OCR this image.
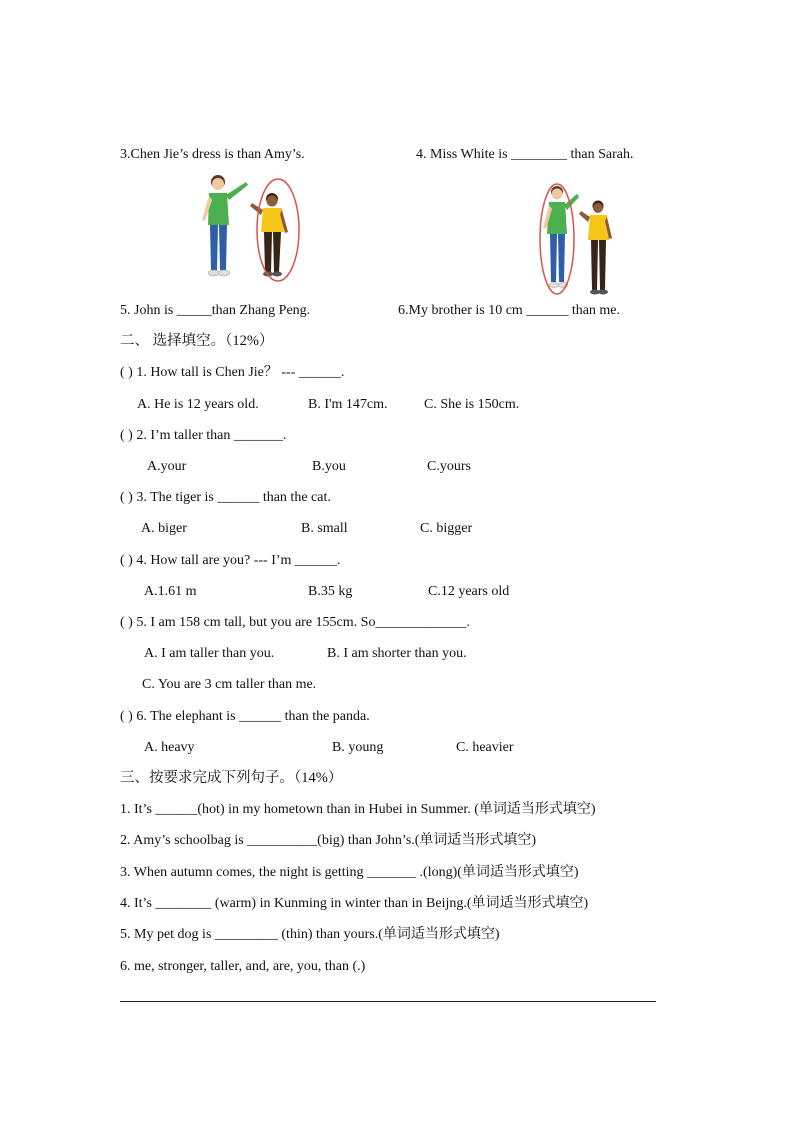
3.Chen Jie’s dress is than Amy’s.	4. Miss White is ________ than Sarah.
5. John is _____than Zhang Peng.	6.My brother is 10 cm ______ than me.
二、 选择填空。（12%）
( ) 1. How tall is Chen Jie？ --- ______.
A. He is 12 years old.	B. I'm 147cm.	C. She is 150cm.
( ) 2. I’m taller than _______.
A.your	B.you	C.yours
( ) 3. The tiger is ______ than the cat.
A. biger	B. small	C. bigger
( ) 4. How tall are you? --- I’m ______.
A.1.61 m	B.35 kg	C.12 years old
( ) 5. I am 158 cm tall, but you are 155cm. So_____________.
A. I am taller than you.	B. I am shorter than you.
C. You are 3 cm taller than me.
( ) 6. The elephant is ______ than the panda.
A. heavy	B. young	C. heavier
三、按要求完成下列句子。（14%）
1. It’s ______(hot) in my hometown than in Hubei in Summer. (单词适当形式填空)
2. Amy’s schoolbag is __________(big) than John’s.(单词适当形式填空)
3. When autumn comes, the night is getting _______ .(long)(单词适当形式填空)
4. It’s ________ (warm) in Kunming in winter than in Beijng.(单词适当形式填空)
5. My pet dog is _________ (thin) than yours.(单词适当形式填空)
6. me, stronger, taller, and, are, you, than (.)
